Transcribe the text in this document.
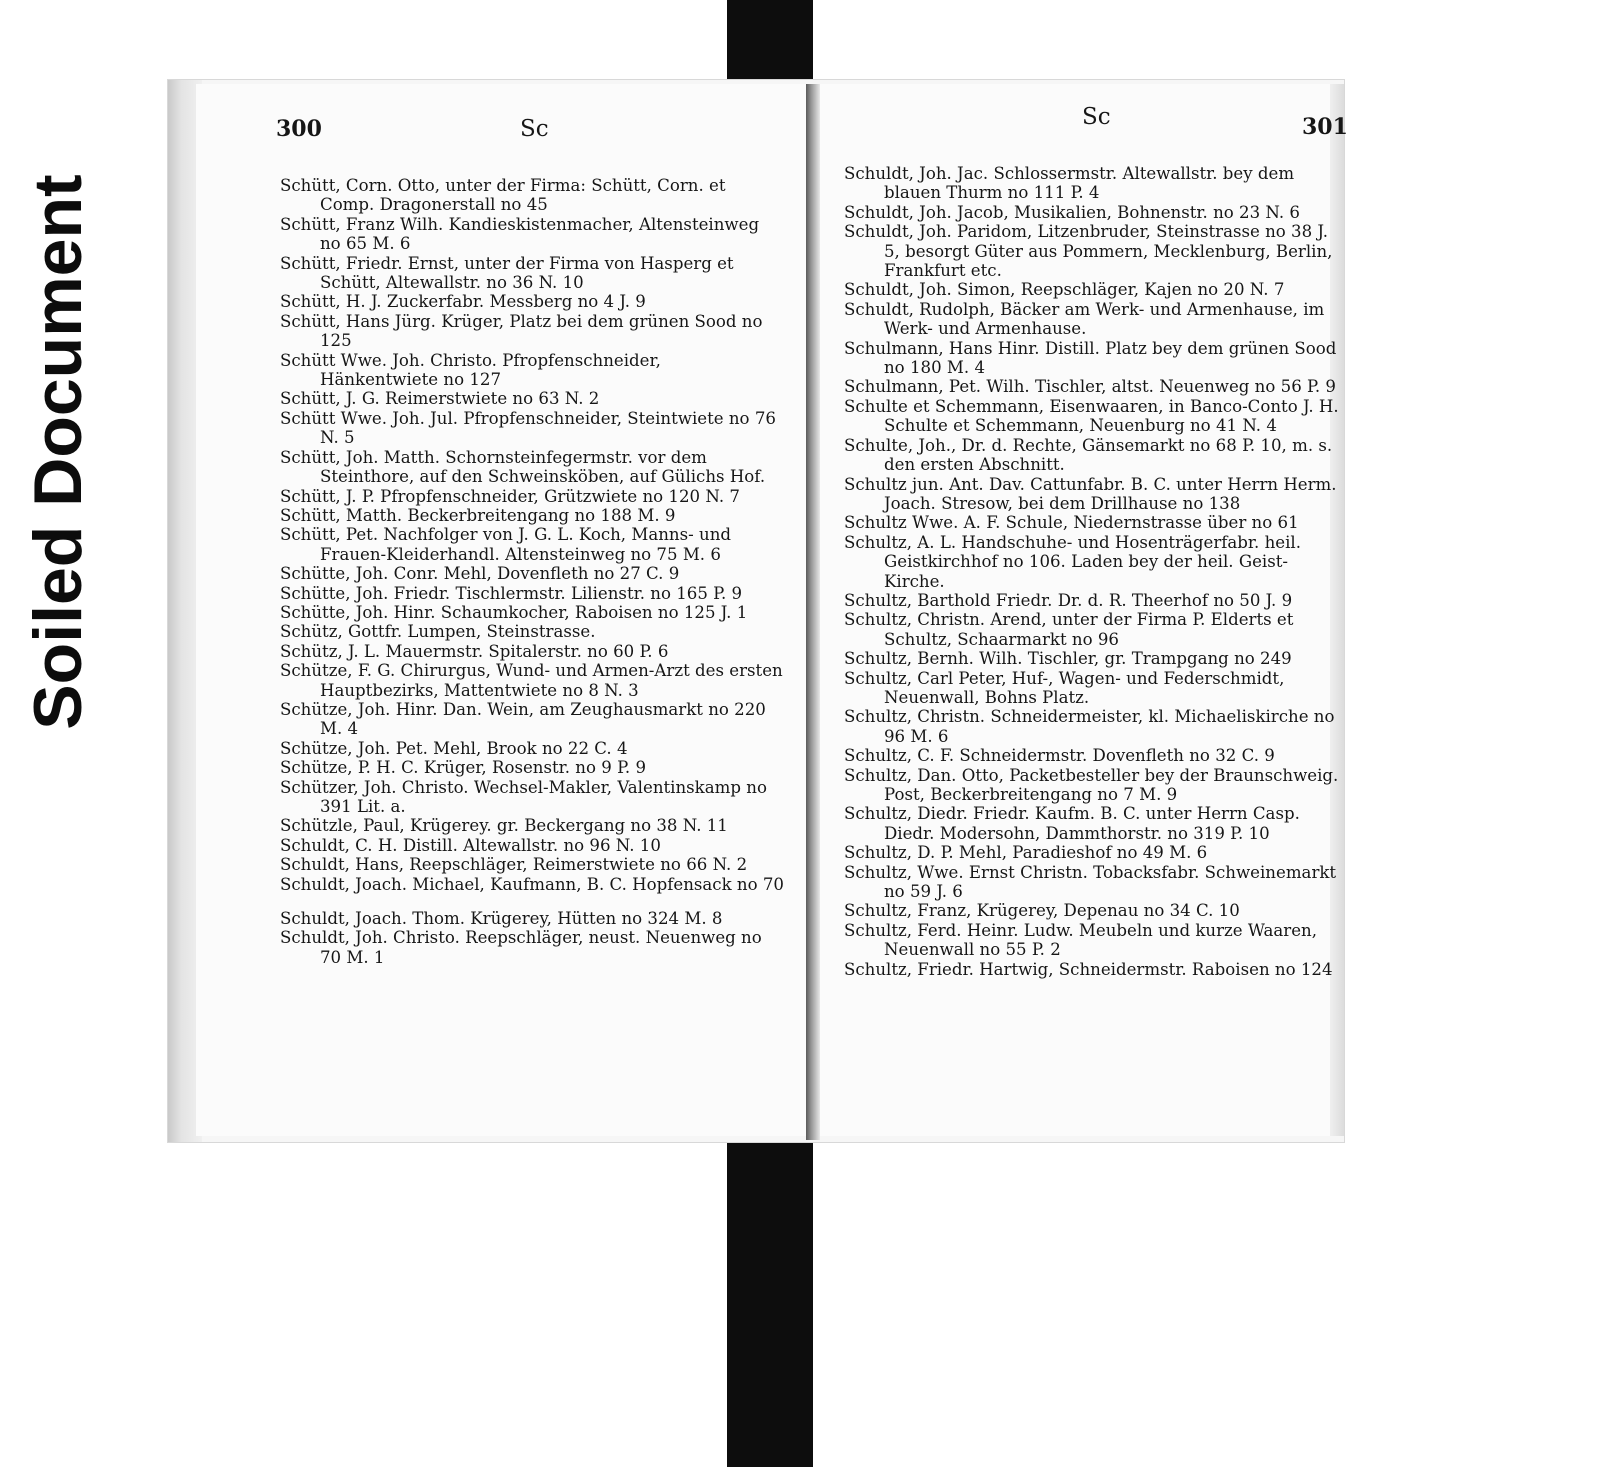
Soiled Document
300	Sc	Sc	301

Schütt, Corn. Otto, unter der Firma: Schütt, Corn. et Comp. Dragonerstall no 45

Schütt, Franz Wilh. Kandieskistenmacher, Altensteinweg no 65 M. 6

Schütt, Friedr. Ernst, unter der Firma von Hasperg et Schütt, Altewallstr. no 36 N. 10

Schütt, H. J. Zuckerfabr. Messberg no 4 J. 9

Schütt, Hans Jürg. Krüger, Platz bei dem grünen Sood no 125

Schütt Wwe. Joh. Christo. Pfropfenschneider, Hänkentwiete no 127

Schütt, J. G. Reimerstwiete no 63 N. 2

Schütt Wwe. Joh. Jul. Pfropfenschneider, Steintwiete no 76 N. 5

Schütt, Joh. Matth. Schornsteinfegermstr. vor dem Steinthore, auf den Schweinsköben, auf Gülichs Hof.

Schütt, J. P. Pfropfenschneider, Grützwiete no 120 N. 7

Schütt, Matth. Beckerbreitengang no 188 M. 9

Schütt, Pet. Nachfolger von J. G. L. Koch, Manns- und Frauen-Kleiderhandl. Altensteinweg no 75 M. 6

Schütte, Joh. Conr. Mehl, Dovenfleth no 27 C. 9

Schütte, Joh. Friedr. Tischlermstr. Lilienstr. no 165 P. 9

Schütte, Joh. Hinr. Schaumkocher, Raboisen no 125 J. 1

Schütz, Gottfr. Lumpen, Steinstrasse.

Schütz, J. L. Mauermstr. Spitalerstr. no 60 P. 6

Schütze, F. G. Chirurgus, Wund- und Armen-Arzt des ersten Hauptbezirks, Mattentwiete no 8 N. 3

Schütze, Joh. Hinr. Dan. Wein, am Zeughausmarkt no 220 M. 4

Schütze, Joh. Pet. Mehl, Brook no 22 C. 4

Schütze, P. H. C. Krüger, Rosenstr. no 9 P. 9

Schützer, Joh. Christo. Wechsel-Makler, Valentinskamp no 391 Lit. a.

Schützle, Paul, Krügerey. gr. Beckergang no 38 N. 11

Schuldt, C. H. Distill. Altewallstr. no 96 N. 10

Schuldt, Hans, Reepschläger, Reimerstwiete no 66 N. 2

Schuldt, Joach. Michael, Kaufmann, B. C. Hopfensack no 70

Schuldt, Joach. Thom. Krügerey, Hütten no 324 M. 8

Schuldt, Joh. Christo. Reepschläger, neust. Neuenweg no 70 M. 1

Schuldt, Joh. Jac. Schlossermstr. Altewallstr. bey dem blauen Thurm no 111 P. 4

Schuldt, Joh. Jacob, Musikalien, Bohnenstr. no 23 N. 6

Schuldt, Joh. Paridom, Litzenbruder, Steinstrasse no 38 J. 5, besorgt Güter aus Pommern, Mecklenburg, Berlin, Frankfurt etc.

Schuldt, Joh. Simon, Reepschläger, Kajen no 20 N. 7

Schuldt, Rudolph, Bäcker am Werk- und Armenhause, im Werk- und Armenhause.

Schulmann, Hans Hinr. Distill. Platz bey dem grünen Sood no 180 M. 4

Schulmann, Pet. Wilh. Tischler, altst. Neuenweg no 56 P. 9

Schulte et Schemmann, Eisenwaaren, in Banco-Conto J. H. Schulte et Schemmann, Neuenburg no 41 N. 4

Schulte, Joh., Dr. d. Rechte, Gänsemarkt no 68 P. 10, m. s. den ersten Abschnitt.

Schultz jun. Ant. Dav. Cattunfabr. B. C. unter Herrn Herm. Joach. Stresow, bei dem Drillhause no 138

Schultz Wwe. A. F. Schule, Niedernstrasse über no 61

Schultz, A. L. Handschuhe- und Hosenträgerfabr. heil. Geistkirchhof no 106. Laden bey der heil. Geist-Kirche.

Schultz, Barthold Friedr. Dr. d. R. Theerhof no 50 J. 9

Schultz, Christn. Arend, unter der Firma P. Elderts et Schultz, Schaarmarkt no 96

Schultz, Bernh. Wilh. Tischler, gr. Trampgang no 249

Schultz, Carl Peter, Huf-, Wagen- und Federschmidt, Neuenwall, Bohns Platz.

Schultz, Christn. Schneidermeister, kl. Michaeliskirche no 96 M. 6

Schultz, C. F. Schneidermstr. Dovenfleth no 32 C. 9

Schultz, Dan. Otto, Packetbesteller bey der Braunschweig. Post, Beckerbreitengang no 7 M. 9

Schultz, Diedr. Friedr. Kaufm. B. C. unter Herrn Casp. Diedr. Modersohn, Dammthorstr. no 319 P. 10

Schultz, D. P. Mehl, Paradieshof no 49 M. 6

Schultz, Wwe. Ernst Christn. Tobacksfabr. Schweinemarkt no 59 J. 6

Schultz, Franz, Krügerey, Depenau no 34 C. 10

Schultz, Ferd. Heinr. Ludw. Meubeln und kurze Waaren, Neuenwall no 55 P. 2

Schultz, Friedr. Hartwig, Schneidermstr. Raboisen no 124
